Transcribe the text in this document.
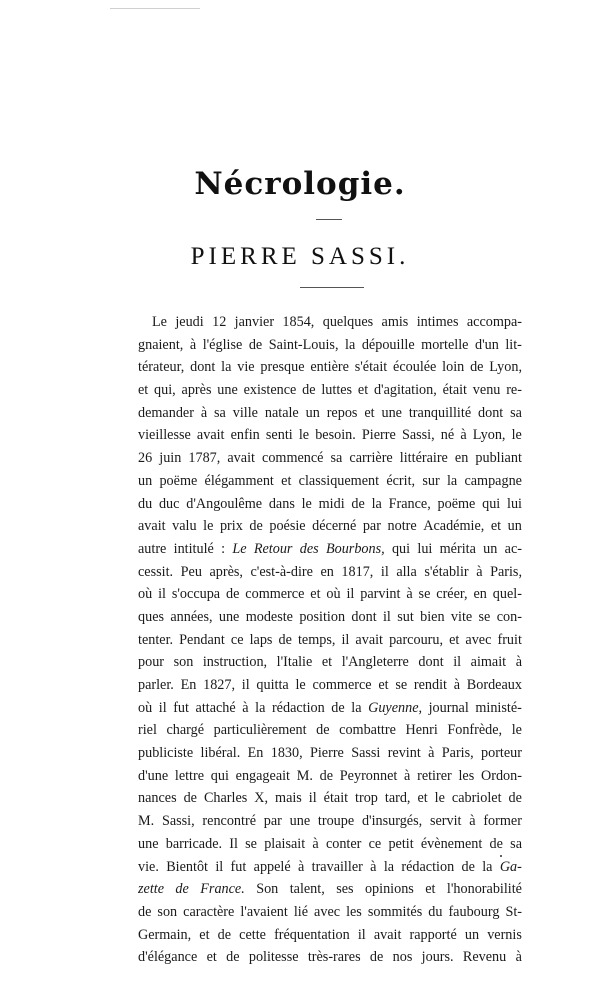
Nécrologie.
PIERRE SASSI.
Le jeudi 12 janvier 1854, quelques amis intimes accompa-
gnaient, à l'église de Saint-Louis, la dépouille mortelle d'un lit-
térateur, dont la vie presque entière s'était écoulée loin de Lyon,
et qui, après une existence de luttes et d'agitation, était venu re-
demander à sa ville natale un repos et une tranquillité dont sa
vieillesse avait enfin senti le besoin. Pierre Sassi, né à Lyon, le
26 juin 1787, avait commencé sa carrière littéraire en publiant
un poëme élégamment et classiquement écrit, sur la campagne
du duc d'Angoulême dans le midi de la France, poëme qui lui
avait valu le prix de poésie décerné par notre Académie, et un
autre intitulé : Le Retour des Bourbons, qui lui mérita un ac-
cessit. Peu après, c'est-à-dire en 1817, il alla s'établir à Paris,
où il s'occupa de commerce et où il parvint à se créer, en quel-
ques années, une modeste position dont il sut bien vite se con-
tenter. Pendant ce laps de temps, il avait parcouru, et avec fruit
pour son instruction, l'Italie et l'Angleterre dont il aimait à
parler. En 1827, il quitta le commerce et se rendit à Bordeaux
où il fut attaché à la rédaction de la Guyenne, journal ministé-
riel chargé particulièrement de combattre Henri Fonfrède, le
publiciste libéral. En 1830, Pierre Sassi revint à Paris, porteur
d'une lettre qui engageait M. de Peyronnet à retirer les Ordon-
nances de Charles X, mais il était trop tard, et le cabriolet de
M. Sassi, rencontré par une troupe d'insurgés, servit à former
une barricade. Il se plaisait à conter ce petit évènement de sa
vie. Bientôt il fut appelé à travailler à la rédaction de la Ga-
zette de France. Son talent, ses opinions et l'honorabilité
de son caractère l'avaient lié avec les sommités du faubourg St-
Germain, et de cette fréquentation il avait rapporté un vernis
d'élégance et de politesse très-rares de nos jours. Revenu à
